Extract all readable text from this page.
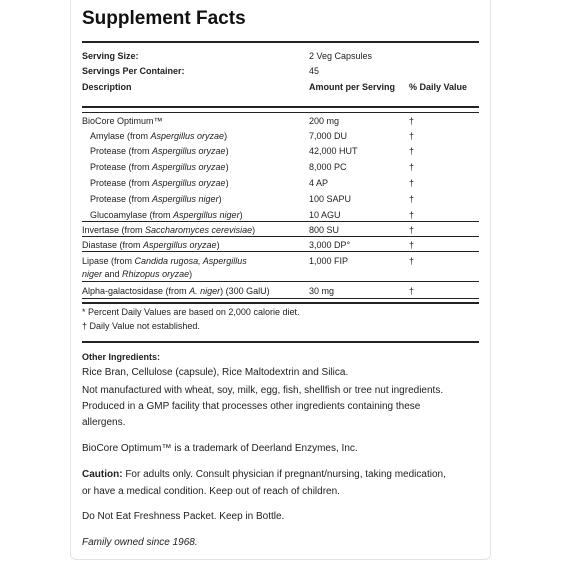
Supplement Facts
Serving Size:	2 Veg Capsules
Servings Per Container:	45
Description	Amount per Serving % Daily Value
BioCore Optimum™	200 mg	†
Amylase (from Aspergillus oryzae)	7,000 DU	†
Protease (from Aspergillus oryzae)	42,000 HUT	†
Protease (from Aspergillus oryzae)	8,000 PC	†
Protease (from Aspergillus oryzae)	4 AP	†
Protease (from Aspergillus niger)	100 SAPU	†
Glucoamylase (from Aspergillus niger)	10 AGU	†
Invertase (from Saccharomyces cerevisiae)	800 SU	†
Diastase (from Aspergillus oryzae)	3,000 DP°	†
Lipase (from Candida rugosa, Aspergillus	1,000 FIP	†
niger and Rhizopus oryzae)
Alpha-galactosidase (from A. niger) (300 GalU)	30 mg	†
* Percent Daily Values are based on 2,000 calorie diet.
† Daily Value not established.
Other Ingredients:
Rice Bran, Cellulose (capsule), Rice Maltodextrin and Silica.
Not manufactured with wheat, soy, milk, egg, fish, shellfish or tree nut ingredients.
Produced in a GMP facility that processes other ingredients containing these
allergens.
BioCore Optimum™ is a trademark of Deerland Enzymes, Inc.
Caution: For adults only. Consult physician if pregnant/nursing, taking medication,
or have a medical condition. Keep out of reach of children.
Do Not Eat Freshness Packet. Keep in Bottle.
Family owned since 1968.
